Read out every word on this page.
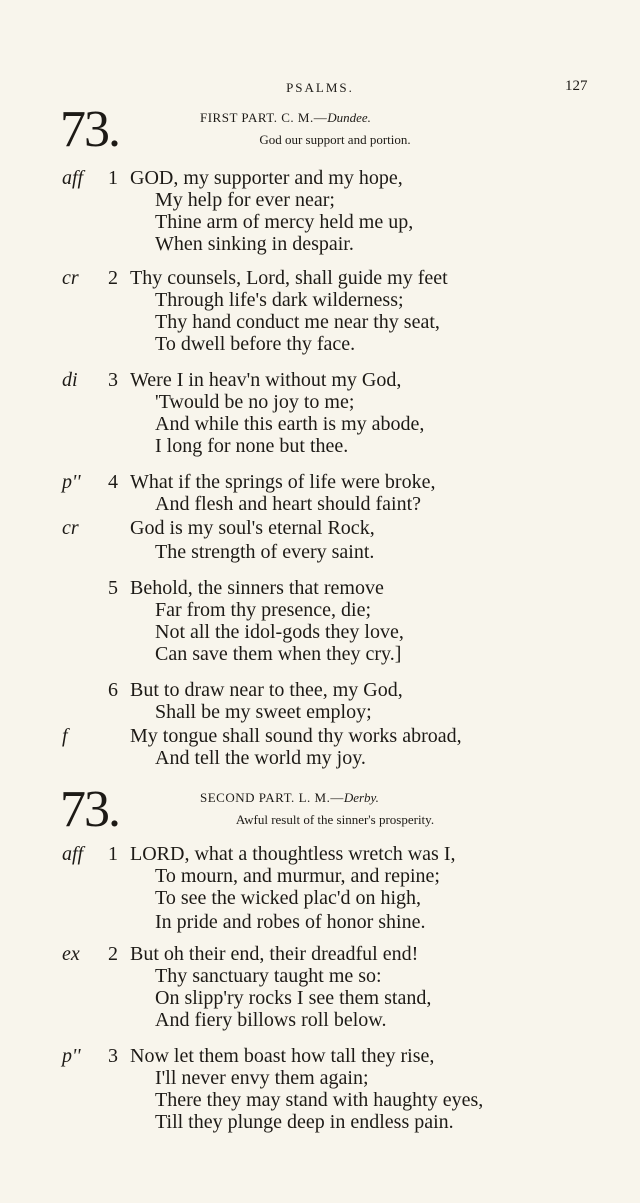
PSALMS.	127
73.	FIRST PART. C. M.—Dundee.
God our support and portion.
aff 1 GOD, my supporter and my hope,
My help for ever near;
Thine arm of mercy held me up,
When sinking in despair.
cr 2 Thy counsels, Lord, shall guide my feet
Through life's dark wilderness;
Thy hand conduct me near thy seat,
To dwell before thy face.
di 3 Were I in heav'n without my God,
'Twould be no joy to me;
And while this earth is my abode,
I long for none but thee.
p'' 4 What if the springs of life were broke,
And flesh and heart should faint?
cr	God is my soul's eternal Rock,
The strength of every saint.
5 Behold, the sinners that remove
Far from thy presence, die;
Not all the idol-gods they love,
Can save them when they cry.]
6 But to draw near to thee, my God,
Shall be my sweet employ;
f	My tongue shall sound thy works abroad,
And tell the world my joy.
73.	SECOND PART. L. M.—Derby.
Awful result of the sinner's prosperity.
aff 1 LORD, what a thoughtless wretch was I,
To mourn, and murmur, and repine;
To see the wicked plac'd on high,
In pride and robes of honor shine.
ex 2 But oh their end, their dreadful end!
Thy sanctuary taught me so:
On slipp'ry rocks I see them stand,
And fiery billows roll below.
p'' 3 Now let them boast how tall they rise,
I'll never envy them again;
There they may stand with haughty eyes,
Till they plunge deep in endless pain.
